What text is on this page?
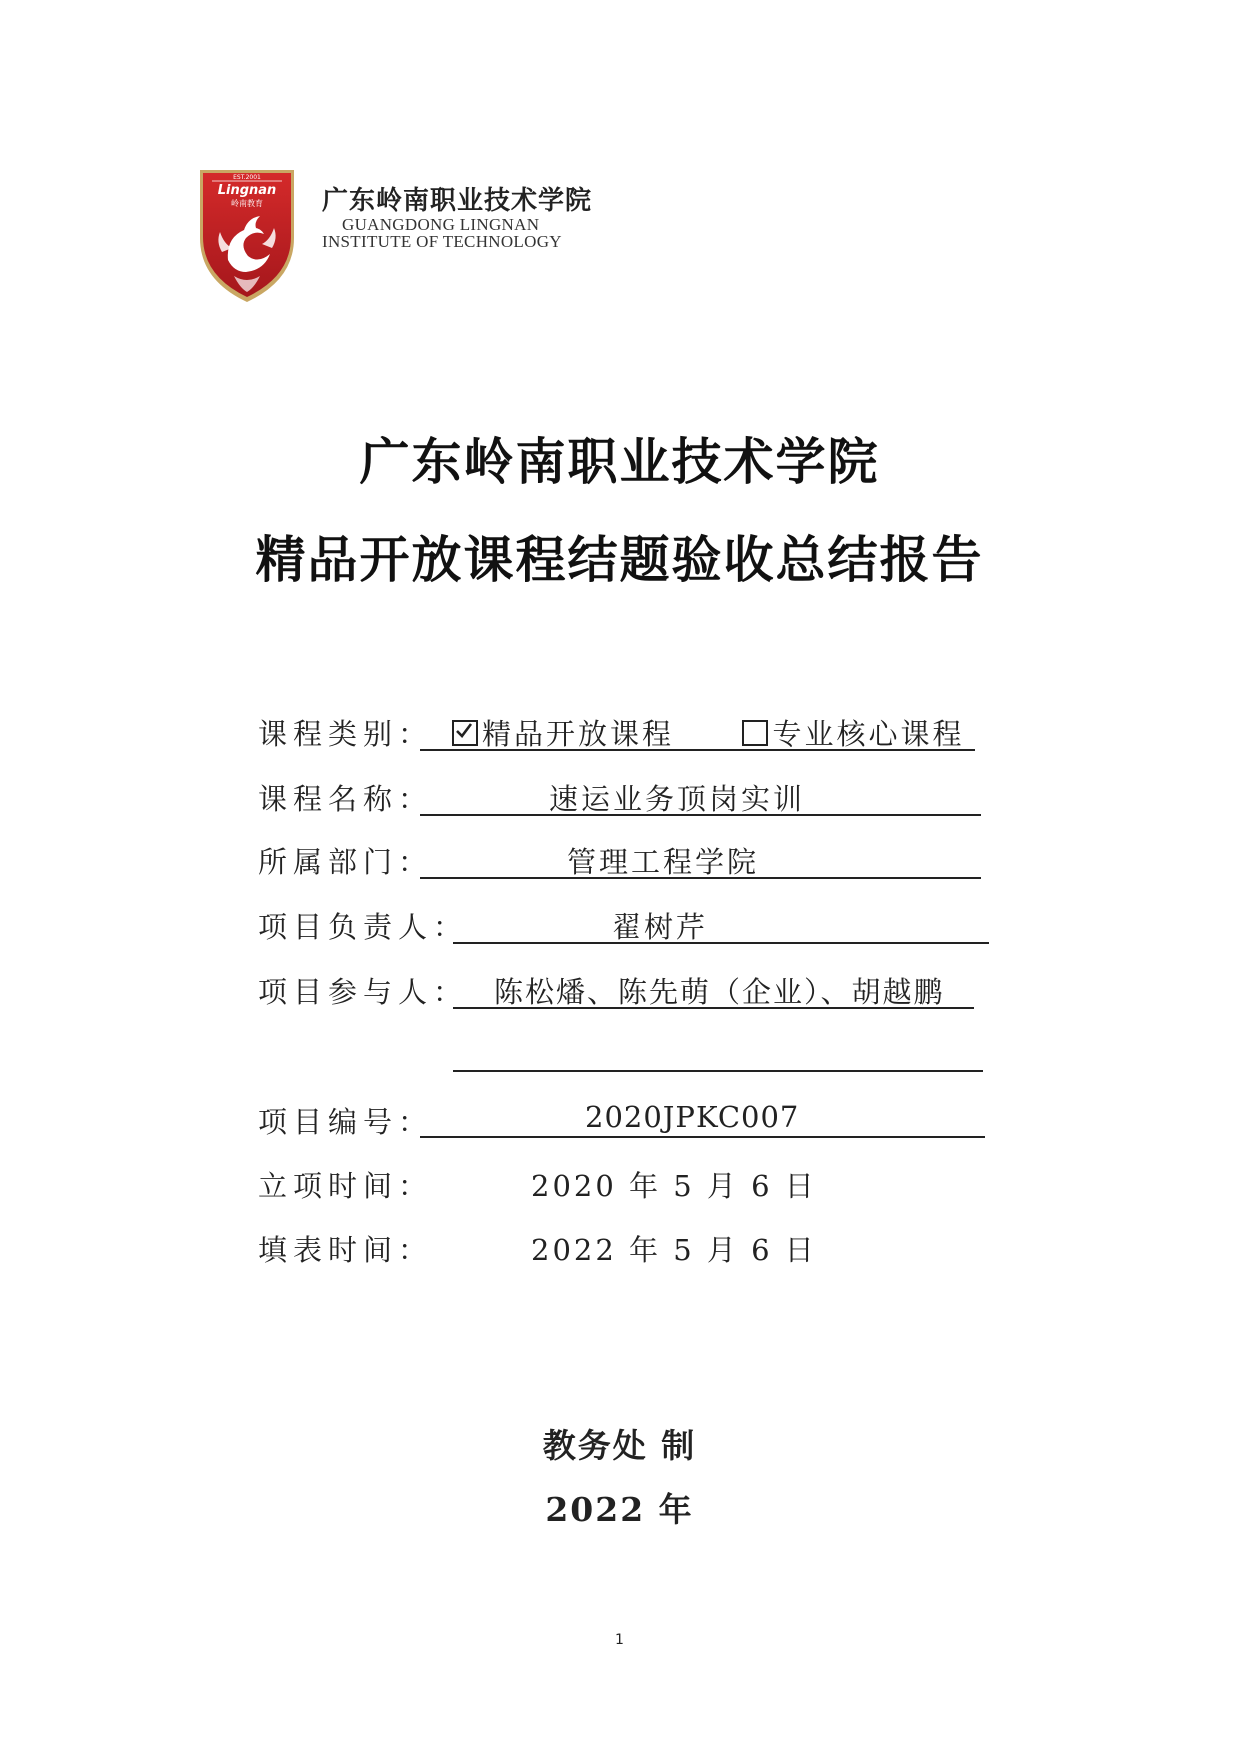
EST.2001
Lingnan
岭南教育 广东岭南职业技术学院
GUANGDONG LINGNAN
INSTITUTE OF TECHNOLOGY
广东岭南职业技术学院
精品开放课程结题验收总结报告
课程类别：	精品开放课程	专业核心课程
课程名称：	速运业务顶岗实训
所属部门：	管理工程学院
项目负责人：	翟树芹
项目参与人： 陈松燔、陈先萌（企业）、胡越鹏
项目编号：	2020JPKC007
立项时间：	2020 年 5 月 6 日
填表时间：	2022 年 5 月 6 日
教务处 制
2022 年
1
